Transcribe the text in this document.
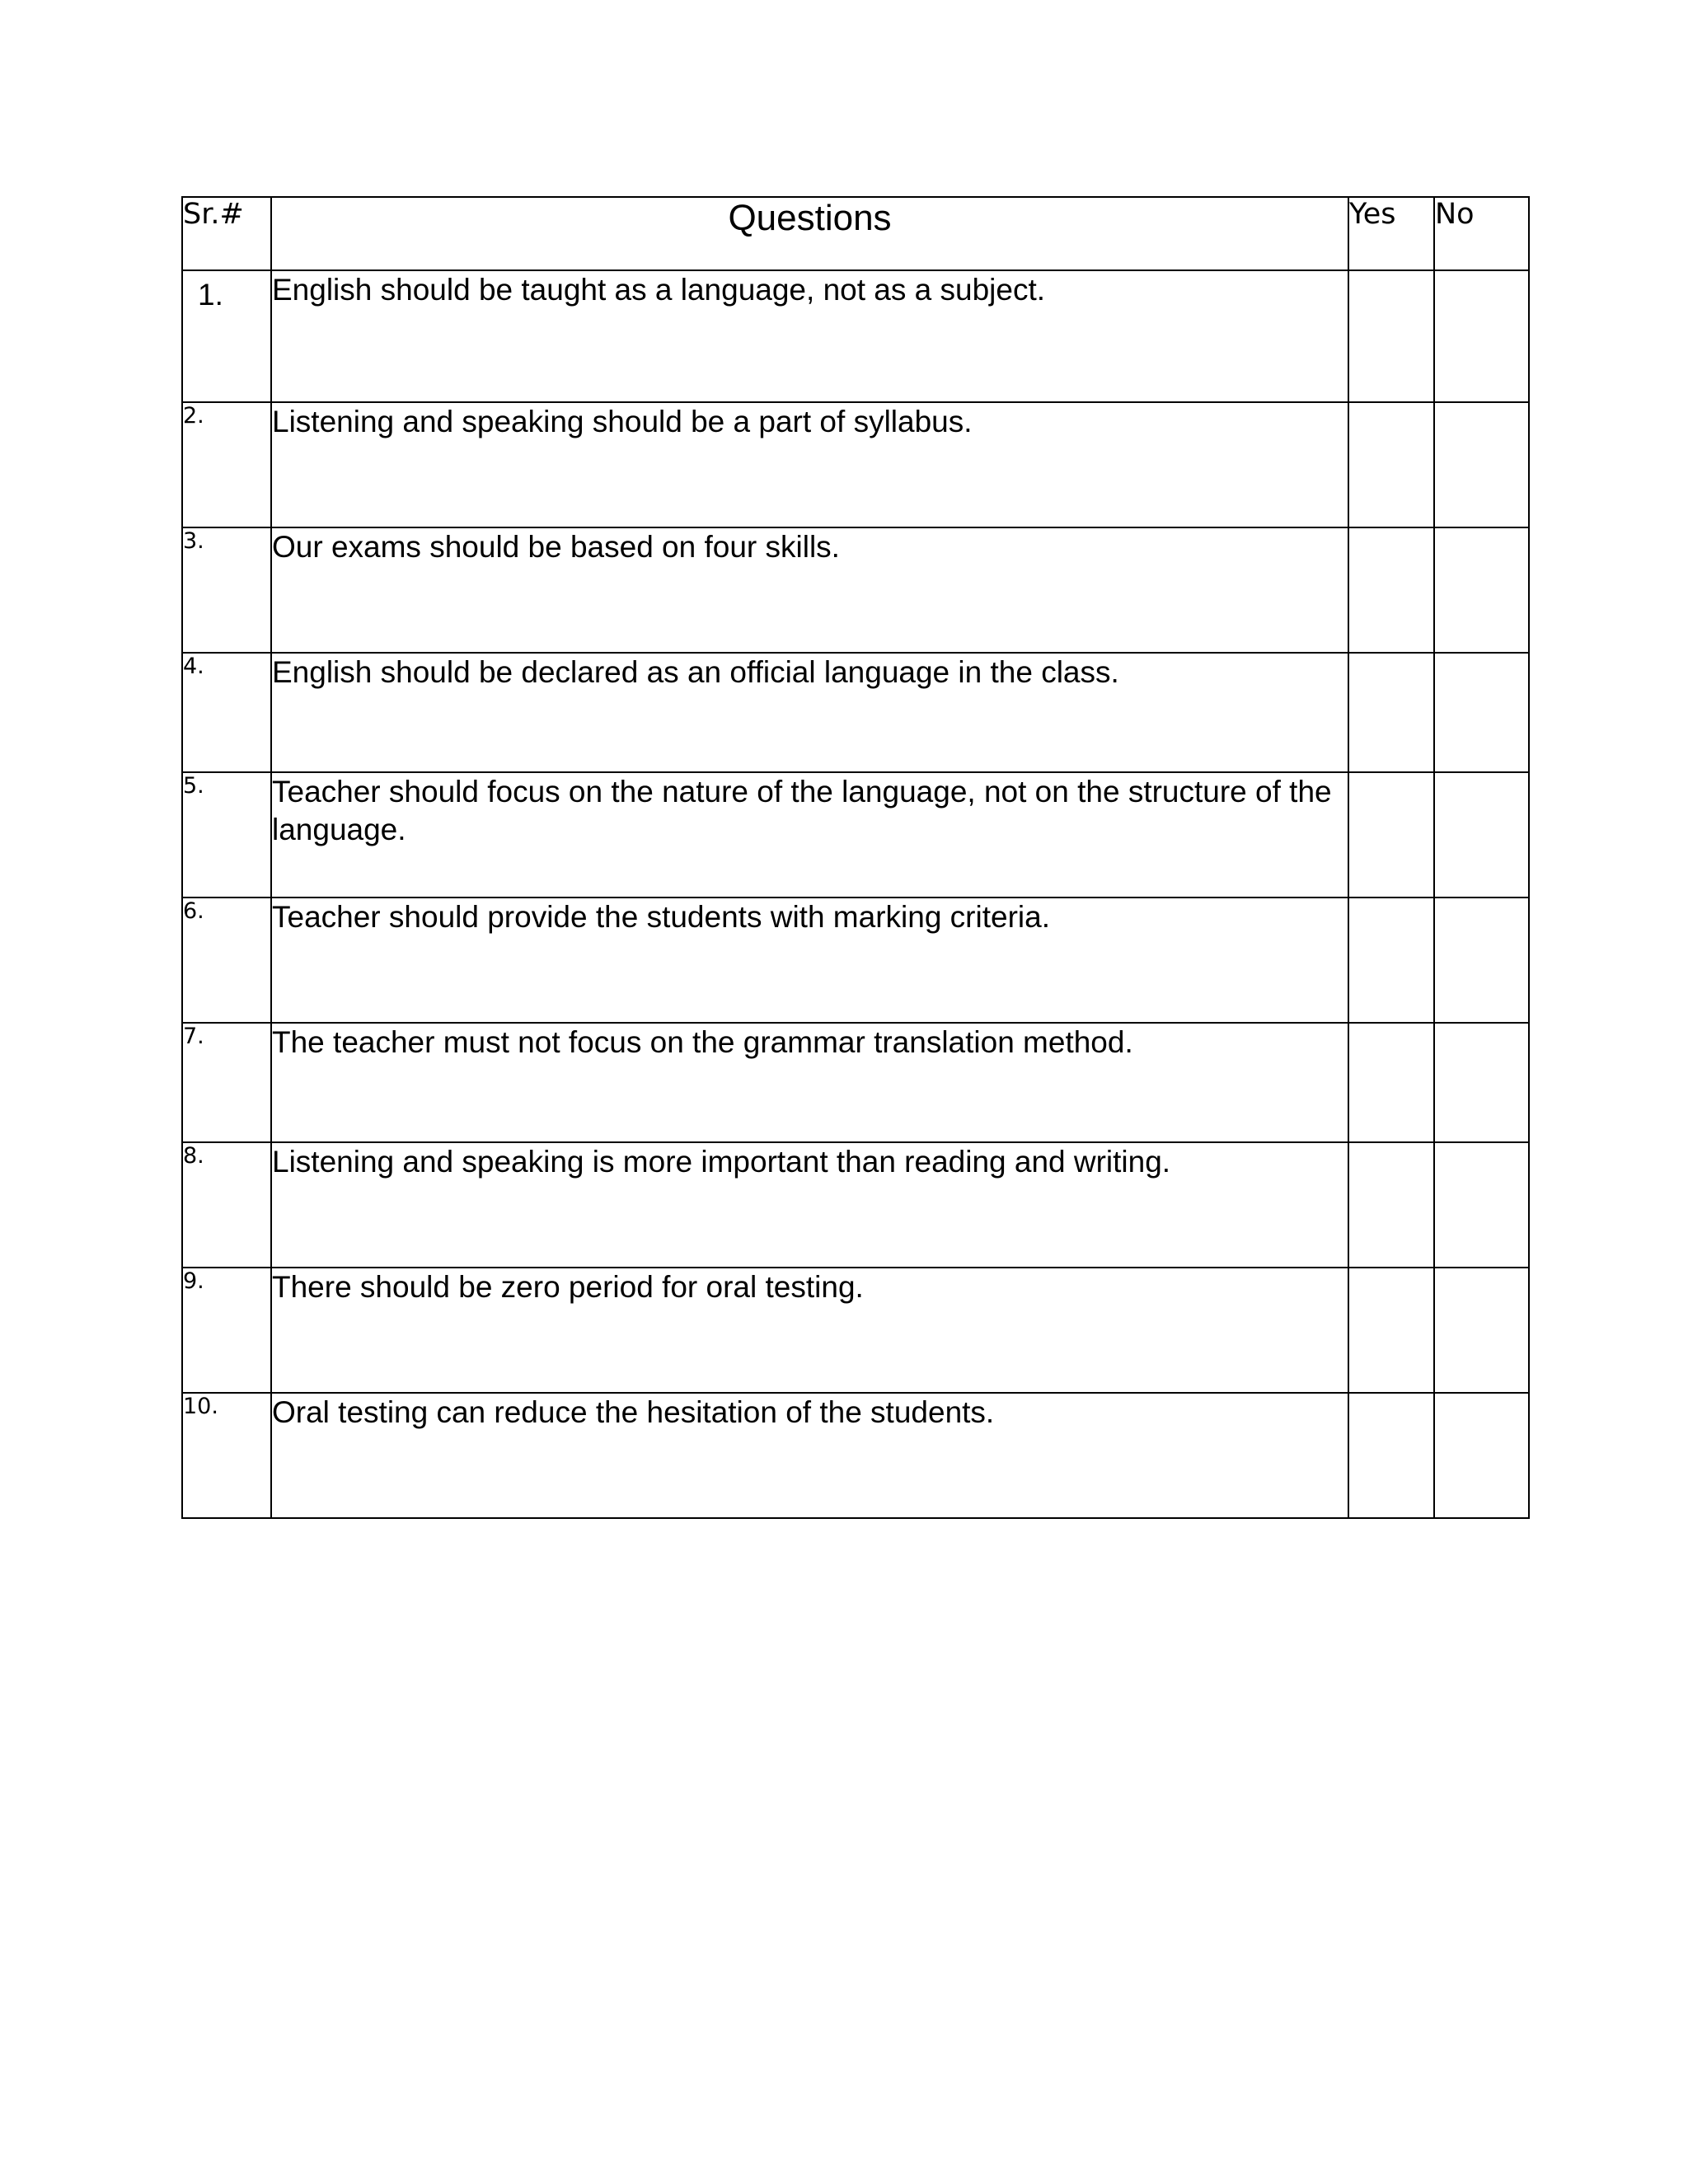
Sr.#	Questions	Yes	No
1.	English should be taught as a language, not as a subject.		
2.	Listening and speaking should be a part of syllabus.		
3.	Our exams should be based on four skills.		
4.	English should be declared as an official language in the class.		
5.	Teacher should focus on the nature of the language, not on the structure of the language.		
6.	Teacher should provide the students with marking criteria.		
7.	The teacher must not focus on the grammar translation method.		
8.	Listening and speaking is more important than reading and writing.		
9.	There should be zero period for oral testing.		
10.	Oral testing can reduce the hesitation of the students.		
